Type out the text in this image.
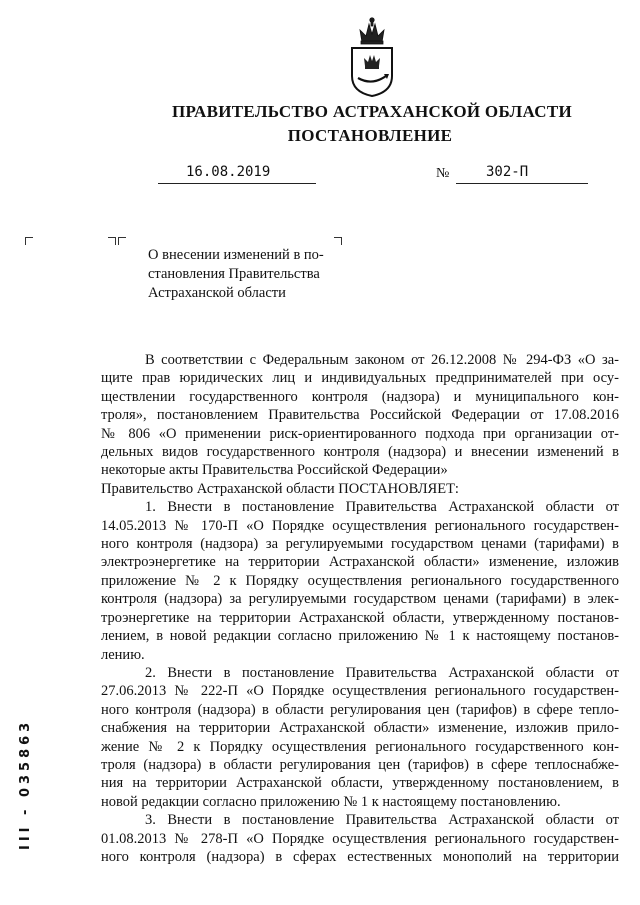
ПРАВИТЕЛЬСТВО АСТРАХАНСКОЙ ОБЛАСТИ
ПОСТАНОВЛЕНИЕ
16.08.2019	№	302-П
О внесении изменений в по-
становления Правительства
Астраханской области
В соответствии с Федеральным законом от 26.12.2008 № 294-ФЗ «О за-
щите прав юридических лиц и индивидуальных предпринимателей при осу-
ществлении государственного контроля (надзора) и муниципального кон-
троля», постановлением Правительства Российской Федерации от 17.08.2016
№ 806 «О применении риск-ориентированного подхода при организации от-
дельных видов государственного контроля (надзора) и внесении изменений в
некоторые акты Правительства Российской Федерации»
Правительство Астраханской области ПОСТАНОВЛЯЕТ:
1. Внести в постановление Правительства Астраханской области от
14.05.2013 № 170-П «О Порядке осуществления регионального государствен-
ного контроля (надзора) за регулируемыми государством ценами (тарифами) в
электроэнергетике на территории Астраханской области» изменение, изложив
приложение № 2 к Порядку осуществления регионального государственного
контроля (надзора) за регулируемыми государством ценами (тарифами) в элек-
троэнергетике на территории Астраханской области, утвержденному постанов-
лением, в новой редакции согласно приложению № 1 к настоящему постанов-
лению.
2. Внести в постановление Правительства Астраханской области от
27.06.2013 № 222-П «О Порядке осуществления регионального государствен-
ного контроля (надзора) в области регулирования цен (тарифов) в сфере тепло-
снабжения на территории Астраханской области» изменение, изложив прило-
жение № 2 к Порядку осуществления регионального государственного кон-
троля (надзора) в области регулирования цен (тарифов) в сфере теплоснабже-
ния на территории Астраханской области, утвержденному постановлением, в
новой редакции согласно приложению № 1 к настоящему постановлению.
3. Внести в постановление Правительства Астраханской области от
01.08.2013 № 278-П «О Порядке осуществления регионального государствен-
ного контроля (надзора) в сферах естественных монополий на территории
III - 035863
